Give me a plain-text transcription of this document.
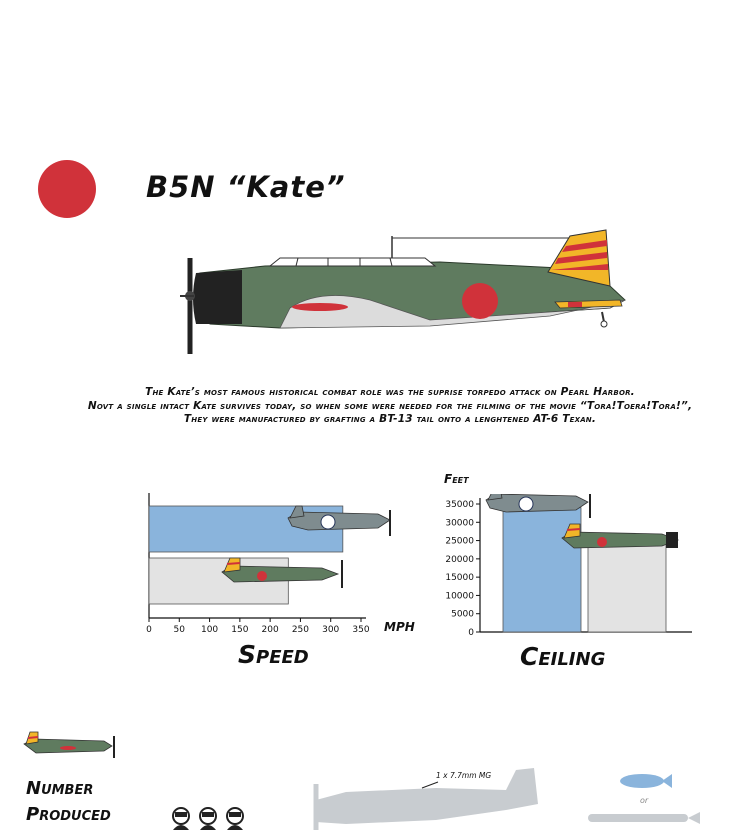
B5N “Kate”
The Kate’s most famous historical combat role was the suprise torpedo attack on Pearl Harbor.
Novt a single intact Kate survives today, so when some were needed for the filming of the movie “Tora!Toera!Tora!”,
They were manufactured by grafting a BT-13 tail onto a lenghtened AT-6 Texan.
0 50 100 150 200 250 300 350 MPH
Speed
Feet
0
5000
10000
15000
20000
25000
30000
35000
Ceiling
Number
Produced
1 x 7.7mm MG
or
